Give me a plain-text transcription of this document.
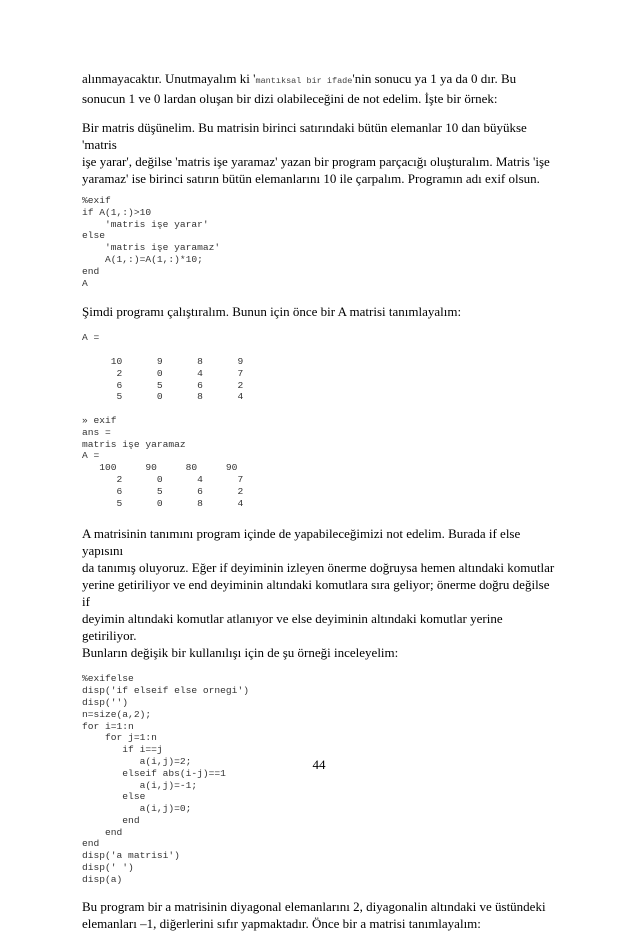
alınmayacaktır. Unutmayalım ki 'mantıksal bir ifade'nin sonucu ya 1 ya da 0 dır. Bu
sonucun 1 ve 0 lardan oluşan bir dizi olabileceğini de not edelim. İşte bir örnek:

Bir matris düşünelim. Bu matrisin birinci satırındaki bütün elemanlar 10 dan büyükse 'matris
işe yarar', değilse 'matris işe yaramaz' yazan bir program parçacığı oluşturalım. Matris 'işe
yaramaz' ise birinci satırın bütün elemanlarını 10 ile çarpalım. Programın adı exif olsun.

%exif
if A(1,:)>10
'matris işe yarar'
else
'matris işe yaramaz'
A(1,:)=A(1,:)*10;
end
A

Şimdi programı çalıştıralım. Bunun için önce bir A matrisi tanımlayalım:

A =

10      9      8      9
2      0      4      7
6      5      6      2
5      0      8      4

» exif
ans =
matris işe yaramaz
A =
100     90     80     90
2      0      4      7
6      5      6      2
5      0      8      4

A matrisinin tanımını program içinde de yapabileceğimizi not edelim. Burada if else yapısını
da tanımış oluyoruz. Eğer if deyiminin izleyen önerme doğruysa hemen altındaki komutlar
yerine getiriliyor ve end deyiminin altındaki komutlara sıra geliyor; önerme doğru değilse if
deyimin altındaki komutlar atlanıyor ve else deyiminin altındaki komutlar yerine getiriliyor.
Bunların değişik bir kullanılışı için de şu örneği inceleyelim:

%exifelse
disp('if elseif else ornegi')
disp('')
n=size(a,2);
for i=1:n
for j=1:n
if i==j
a(i,j)=2;
elseif abs(i-j)==1
a(i,j)=-1;
else
a(i,j)=0;
end
end
end
disp('a matrisi')
disp(' ')
disp(a)

Bu program bir a matrisinin diyagonal elemanlarını 2, diyagonalin altındaki ve üstündeki
elemanları –1, diğerlerini sıfır yapmaktadır. Önce bir a matrisi tanımlayalım:

44
